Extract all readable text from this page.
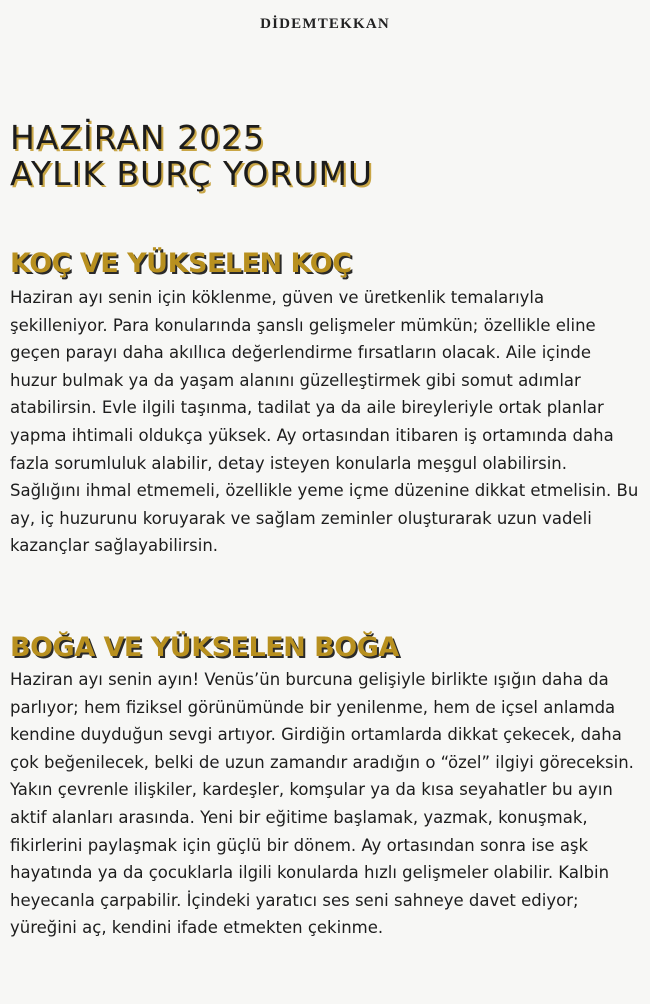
DİDEMTEKKAN
HAZİRAN 2025
AYLIK BURÇ YORUMU
KOÇ VE YÜKSELEN KOÇ

Haziran ayı senin için köklenme, güven ve üretkenlik temalarıyla şekilleniyor. Para konularında şanslı gelişmeler mümkün; özellikle eline geçen parayı daha akıllıca değerlendirme fırsatların olacak. Aile içinde huzur bulmak ya da yaşam alanını güzelleştirmek gibi somut adımlar atabilirsin. Evle ilgili taşınma, tadilat ya da aile bireyleriyle ortak planlar yapma ihtimali oldukça yüksek. Ay ortasından itibaren iş ortamında daha fazla sorumluluk alabilir, detay isteyen konularla meşgul olabilirsin. Sağlığını ihmal etmemeli, özellikle yeme içme düzenine dikkat etmelisin. Bu ay, iç huzurunu koruyarak ve sağlam zeminler oluşturarak uzun vadeli kazançlar sağlayabilirsin.

BOĞA VE YÜKSELEN BOĞA

Haziran ayı senin ayın! Venüs’ün burcuna gelişiyle birlikte ışığın daha da parlıyor; hem fiziksel görünümünde bir yenilenme, hem de içsel anlamda kendine duyduğun sevgi artıyor. Girdiğin ortamlarda dikkat çekecek, daha çok beğenilecek, belki de uzun zamandır aradığın o “özel” ilgiyi göreceksin. Yakın çevrenle ilişkiler, kardeşler, komşular ya da kısa seyahatler bu ayın aktif alanları arasında. Yeni bir eğitime başlamak, yazmak, konuşmak, fikirlerini paylaşmak için güçlü bir dönem. Ay ortasından sonra ise aşk hayatında ya da çocuklarla ilgili konularda hızlı gelişmeler olabilir. Kalbin heyecanla çarpabilir. İçindeki yaratıcı ses seni sahneye davet ediyor; yüreğini aç, kendini ifade etmekten çekinme.
